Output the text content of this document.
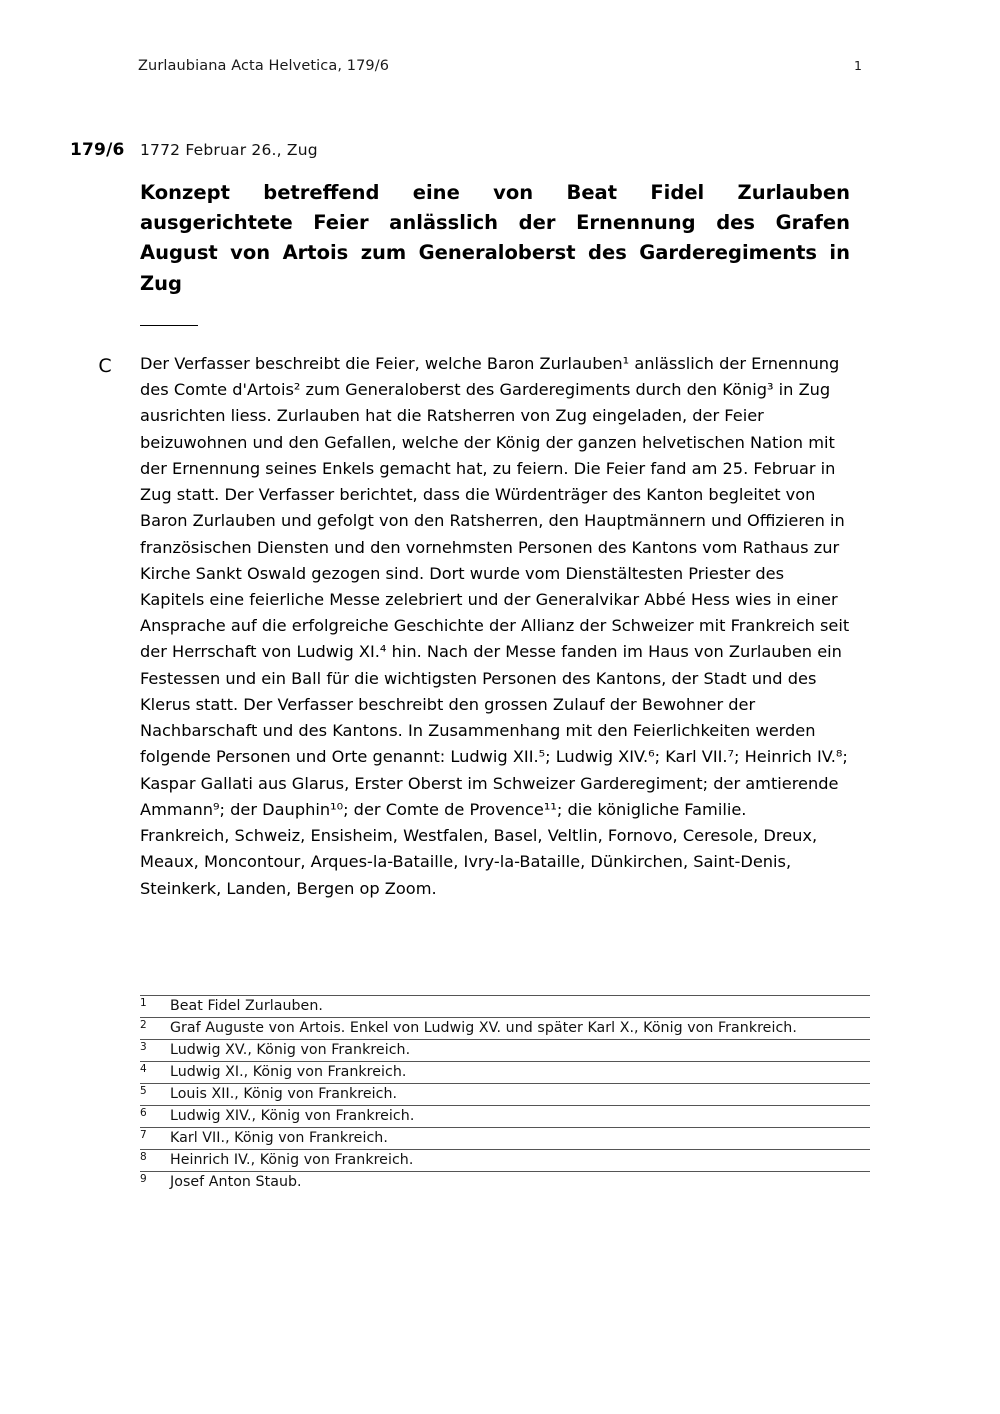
Zurlaubiana Acta Helvetica, 179/6	1
179/6 1772 Februar 26., Zug
Konzept betreffend eine von Beat Fidel Zurlauben ausgerichtete Feier anlässlich der Ernennung des Grafen August von Artois zum Generaloberst des Garderegiments in Zug
C	Der Verfasser beschreibt die Feier, welche Baron Zurlauben¹ anlässlich der Ernennung des Comte d'Artois² zum Generaloberst des Garderegiments durch den König³ in Zug ausrichten liess. Zurlauben hat die Ratsherren von Zug eingeladen, der Feier beizuwohnen und den Gefallen, welche der König der ganzen helvetischen Nation mit der Ernennung seines Enkels gemacht hat, zu feiern. Die Feier fand am 25. Februar in Zug statt. Der Verfasser berichtet, dass die Würdenträger des Kanton begleitet von Baron Zurlauben und gefolgt von den Ratsherren, den Hauptmännern und Offizieren in französischen Diensten und den vornehmsten Personen des Kantons vom Rathaus zur Kirche Sankt Oswald gezogen sind. Dort wurde vom Dienstältesten Priester des Kapitels eine feierliche Messe zelebriert und der Generalvikar Abbé Hess wies in einer Ansprache auf die erfolgreiche Geschichte der Allianz der Schweizer mit Frankreich seit der Herrschaft von Ludwig XI.⁴ hin. Nach der Messe fanden im Haus von Zurlauben ein Festessen und ein Ball für die wichtigsten Personen des Kantons, der Stadt und des Klerus statt. Der Verfasser beschreibt den grossen Zulauf der Bewohner der Nachbarschaft und des Kantons. In Zusammenhang mit den Feierlichkeiten werden folgende Personen und Orte genannt: Ludwig XII.⁵; Ludwig XIV.⁶; Karl VII.⁷; Heinrich IV.⁸; Kaspar Gallati aus Glarus, Erster Oberst im Schweizer Garderegiment; der amtierende Ammann⁹; der Dauphin¹⁰; der Comte de Provence¹¹; die königliche Familie.

Frankreich, Schweiz, Ensisheim, Westfalen, Basel, Veltlin, Fornovo, Ceresole, Dreux, Meaux, Moncontour, Arques-la-Bataille, Ivry-la-Bataille, Dünkirchen, Saint-Denis, Steinkerk, Landen, Bergen op Zoom.

1	Beat Fidel Zurlauben.
2	Graf Auguste von Artois. Enkel von Ludwig XV. und später Karl X., König von Frankreich.
3	Ludwig XV., König von Frankreich.
4	Ludwig XI., König von Frankreich.
5	Louis XII., König von Frankreich.
6	Ludwig XIV., König von Frankreich.
7	Karl VII., König von Frankreich.
8	Heinrich IV., König von Frankreich.
9	Josef Anton Staub.
